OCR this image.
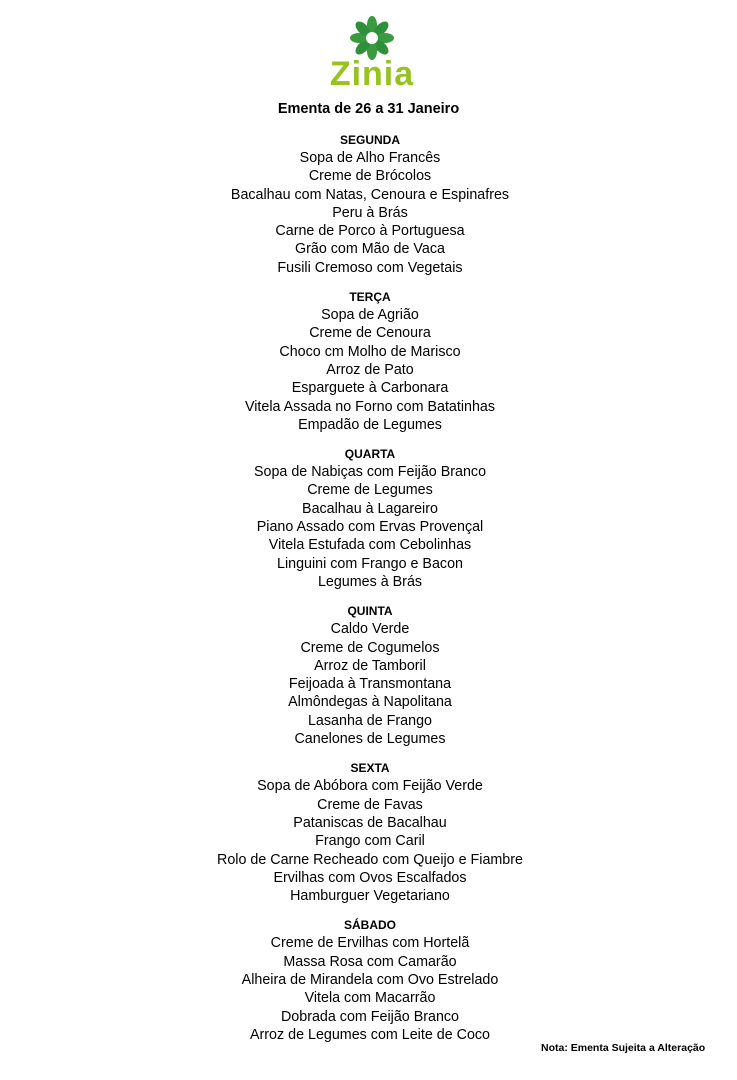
Zinia
Ementa de 26 a 31 Janeiro
SEGUNDA
Sopa de Alho Francês
Creme de Brócolos
Bacalhau com Natas, Cenoura e Espinafres
Peru à Brás
Carne de Porco à Portuguesa
Grão com Mão de Vaca
Fusili Cremoso com Vegetais
TERÇA
Sopa de Agrião
Creme de Cenoura
Choco cm Molho de Marisco
Arroz de Pato
Esparguete à Carbonara
Vitela Assada no Forno com Batatinhas
Empadão de Legumes
QUARTA
Sopa de Nabiças com Feijão Branco
Creme de Legumes
Bacalhau à Lagareiro
Piano Assado com Ervas Provençal
Vitela Estufada com Cebolinhas
Linguini com Frango e Bacon
Legumes à Brás
QUINTA
Caldo Verde
Creme de Cogumelos
Arroz de Tamboril
Feijoada à Transmontana
Almôndegas à Napolitana
Lasanha de Frango
Canelones de Legumes
SEXTA
Sopa de Abóbora com Feijão Verde
Creme de Favas
Pataniscas de Bacalhau
Frango com Caril
Rolo de Carne Recheado com Queijo e Fiambre
Ervilhas com Ovos Escalfados
Hamburguer Vegetariano
SÁBADO
Creme de Ervilhas com Hortelã
Massa Rosa com Camarão
Alheira de Mirandela com Ovo Estrelado
Vitela com Macarrão
Dobrada com Feijão Branco
Arroz de Legumes com Leite de Coco
Nota: Ementa Sujeita a Alteração
